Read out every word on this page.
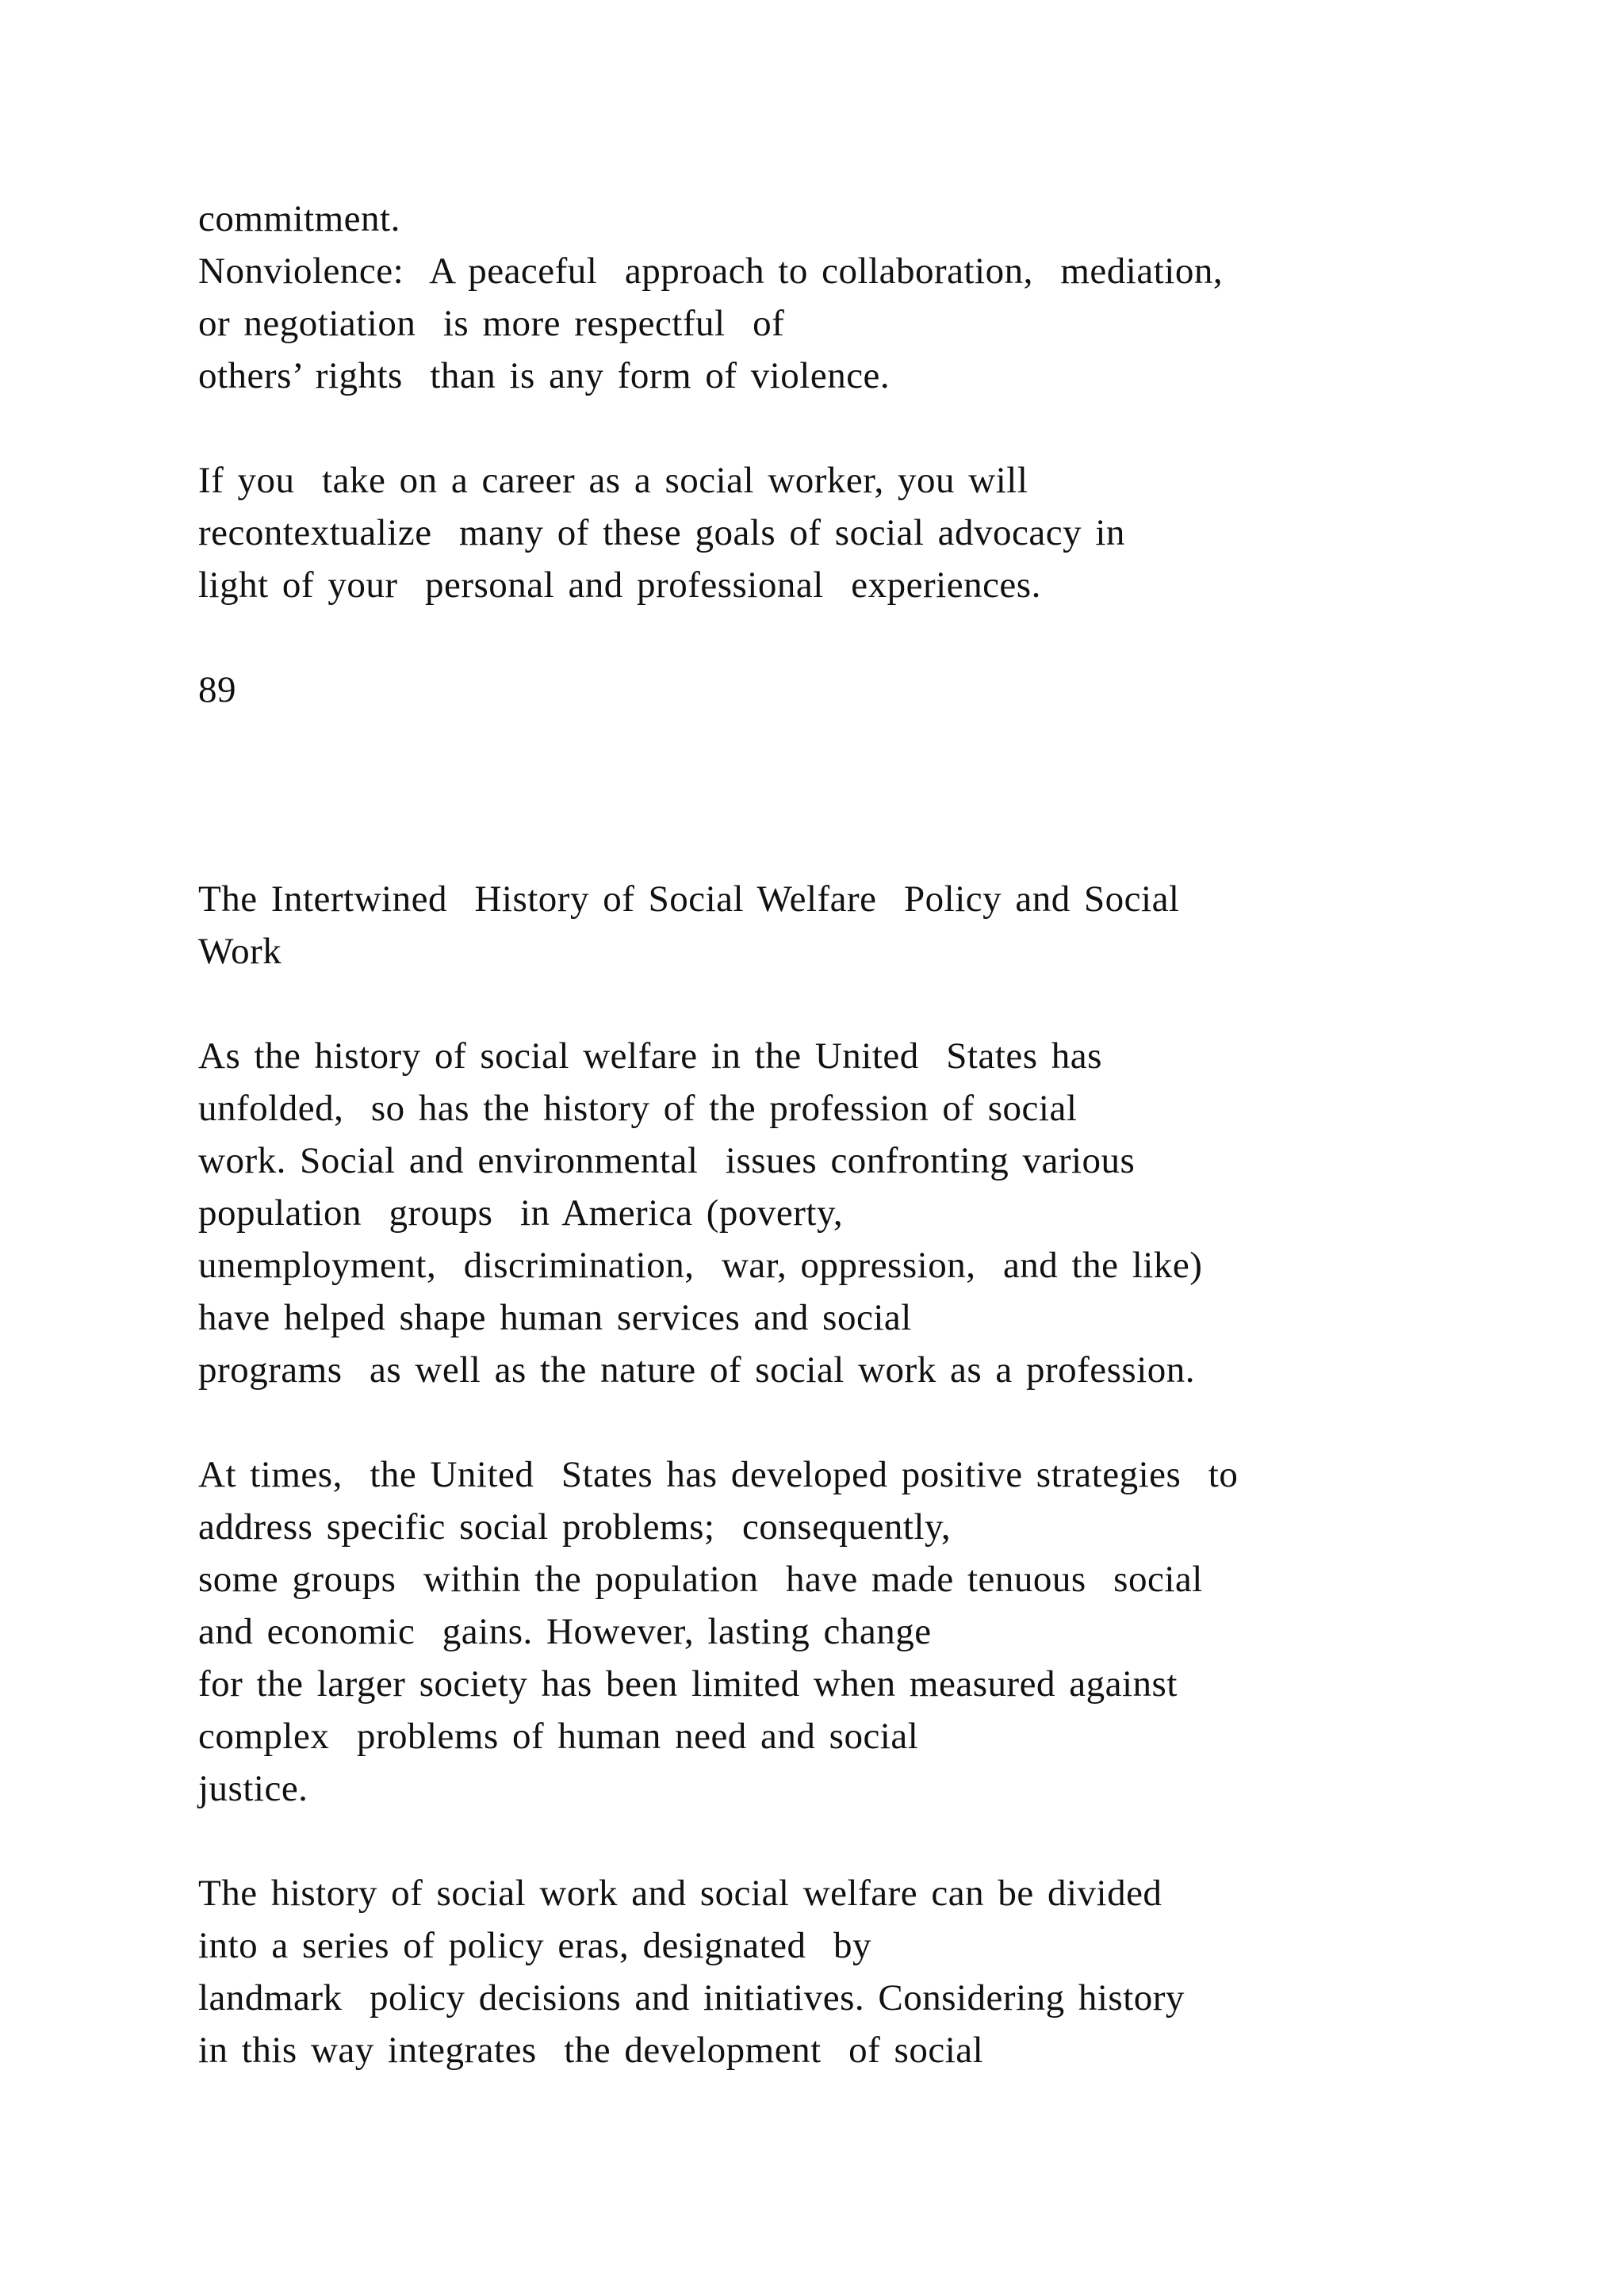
commitment.
Nonviolence:  A peaceful  approach to collaboration,  mediation,
or negotiation  is more respectful  of
others’ rights  than is any form of violence.
If you  take on a career as a social worker, you will
recontextualize  many of these goals of social advocacy in
light of your  personal and professional  experiences.
89
The Intertwined  History of Social Welfare  Policy and Social
Work
As the history of social welfare in the United  States has
unfolded,  so has the history of the profession of social
work. Social and environmental  issues confronting various
population  groups  in America (poverty,
unemployment,  discrimination,  war, oppression,  and the like)
have helped shape human services and social
programs  as well as the nature of social work as a profession.
At times,  the United  States has developed positive strategies  to
address specific social problems;  consequently,
some groups  within the population  have made tenuous  social
and economic  gains. However, lasting change
for the larger society has been limited when measured against
complex  problems of human need and social
justice.
The history of social work and social welfare can be divided
into a series of policy eras, designated  by
landmark  policy decisions and initiatives. Considering history
in this way integrates  the development  of social
